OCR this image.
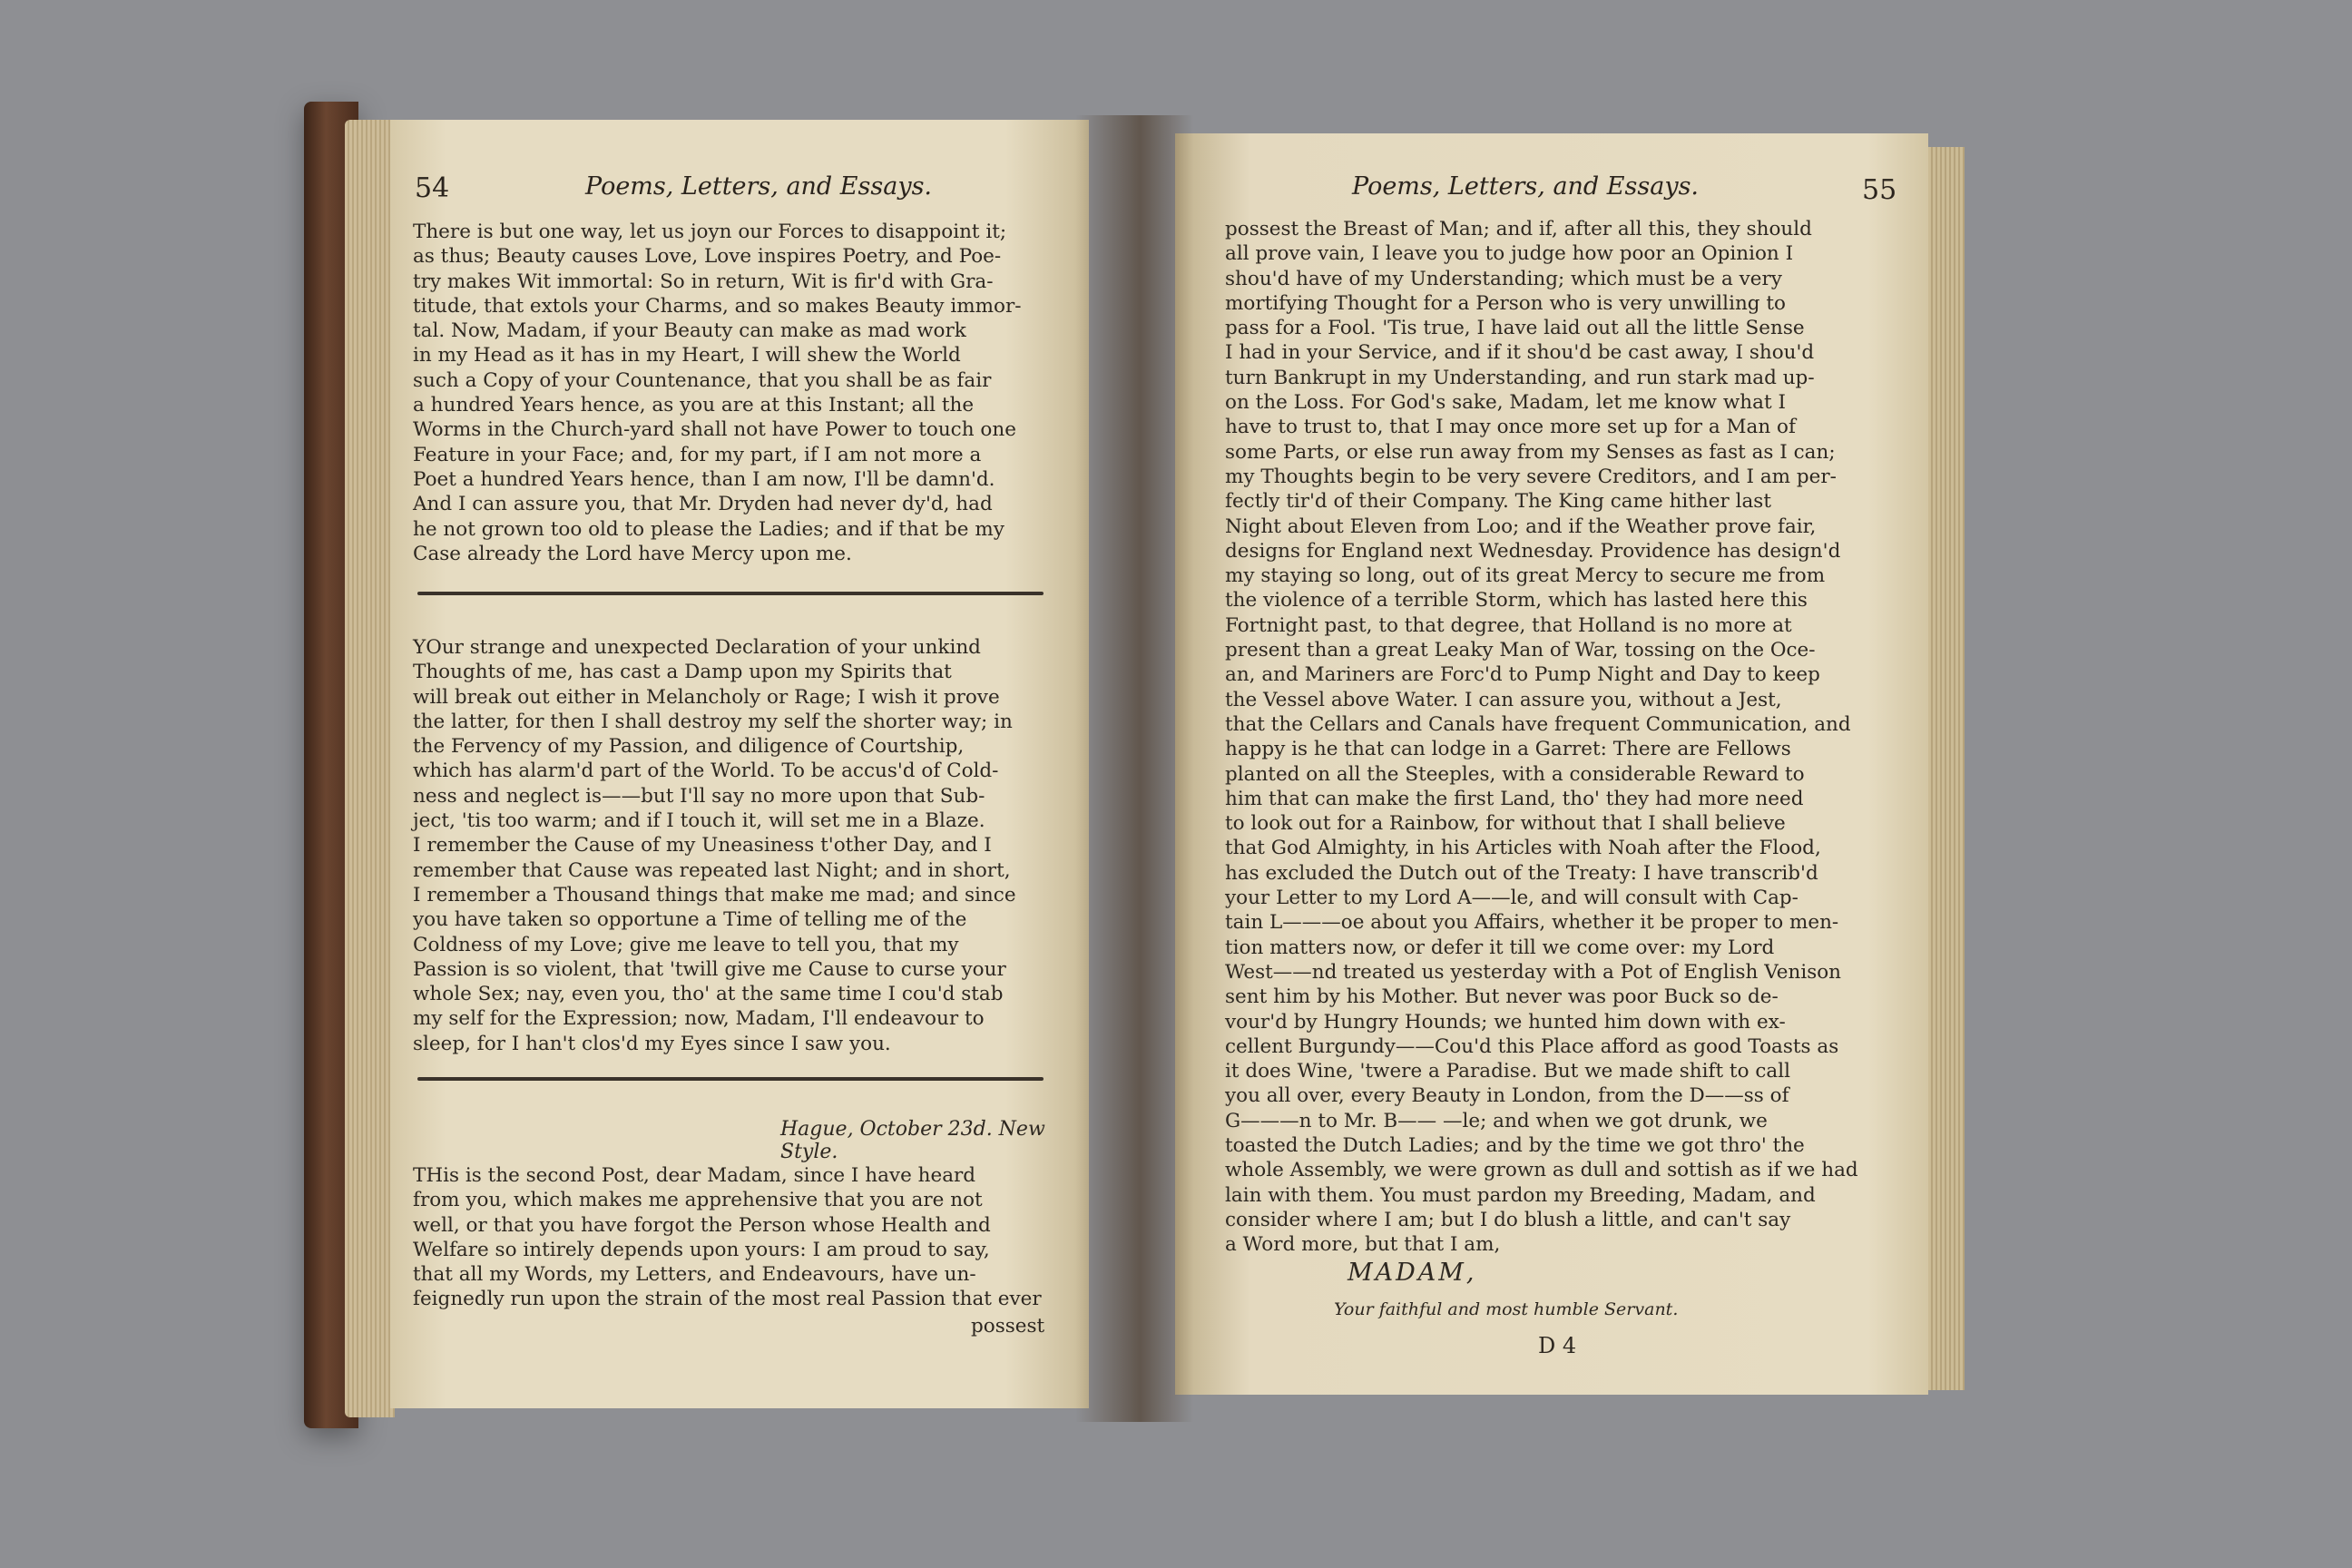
54	Poems, Letters, and Essays.
There is but one way, let us joyn our Forces to disappoint it;
as thus; Beauty causes Love, Love inspires Poetry, and Poe-
try makes Wit immortal: So in return, Wit is fir'd with Gra-
titude, that extols your Charms, and so makes Beauty immor-
tal. Now, Madam, if your Beauty can make as mad work
in my Head as it has in my Heart, I will shew the World
such a Copy of your Countenance, that you shall be as fair
a hundred Years hence, as you are at this Instant; all the
Worms in the Church-yard shall not have Power to touch one
Feature in your Face; and, for my part, if I am not more a
Poet a hundred Years hence, than I am now, I'll be damn'd.
And I can assure you, that Mr. Dryden had never dy'd, had
he not grown too old to please the Ladies; and if that be my
Case already the Lord have Mercy upon me.
YOur strange and unexpected Declaration of your unkind
Thoughts of me, has cast a Damp upon my Spirits that
will break out either in Melancholy or Rage; I wish it prove
the latter, for then I shall destroy my self the shorter way; in
the Fervency of my Passion, and diligence of Courtship,
which has alarm'd part of the World. To be accus'd of Cold-
ness and neglect is——but I'll say no more upon that Sub-
ject, 'tis too warm; and if I touch it, will set me in a Blaze.
I remember the Cause of my Uneasiness t'other Day, and I
remember that Cause was repeated last Night; and in short,
I remember a Thousand things that make me mad; and since
you have taken so opportune a Time of telling me of the
Coldness of my Love; give me leave to tell you, that my
Passion is so violent, that 'twill give me Cause to curse your
whole Sex; nay, even you, tho' at the same time I cou'd stab
my self for the Expression; now, Madam, I'll endeavour to
sleep, for I han't clos'd my Eyes since I saw you.
Hague, October 23d. New Style.
THis is the second Post, dear Madam, since I have heard
from you, which makes me apprehensive that you are not
well, or that you have forgot the Person whose Health and
Welfare so intirely depends upon yours: I am proud to say,
that all my Words, my Letters, and Endeavours, have un-
feignedly run upon the strain of the most real Passion that ever
possest
Poems, Letters, and Essays.	55
possest the Breast of Man; and if, after all this, they should
all prove vain, I leave you to judge how poor an Opinion I
shou'd have of my Understanding; which must be a very
mortifying Thought for a Person who is very unwilling to
pass for a Fool. 'Tis true, I have laid out all the little Sense
I had in your Service, and if it shou'd be cast away, I shou'd
turn Bankrupt in my Understanding, and run stark mad up-
on the Loss. For God's sake, Madam, let me know what I
have to trust to, that I may once more set up for a Man of
some Parts, or else run away from my Senses as fast as I can;
my Thoughts begin to be very severe Creditors, and I am per-
fectly tir'd of their Company. The King came hither last
Night about Eleven from Loo; and if the Weather prove fair,
designs for England next Wednesday. Providence has design'd
my staying so long, out of its great Mercy to secure me from
the violence of a terrible Storm, which has lasted here this
Fortnight past, to that degree, that Holland is no more at
present than a great Leaky Man of War, tossing on the Oce-
an, and Mariners are Forc'd to Pump Night and Day to keep
the Vessel above Water. I can assure you, without a Jest,
that the Cellars and Canals have frequent Communication, and
happy is he that can lodge in a Garret: There are Fellows
planted on all the Steeples, with a considerable Reward to
him that can make the first Land, tho' they had more need
to look out for a Rainbow, for without that I shall believe
that God Almighty, in his Articles with Noah after the Flood,
has excluded the Dutch out of the Treaty: I have transcrib'd
your Letter to my Lord A——le, and will consult with Cap-
tain L———oe about you Affairs, whether it be proper to men-
tion matters now, or defer it till we come over: my Lord
West——nd treated us yesterday with a Pot of English Venison
sent him by his Mother. But never was poor Buck so de-
vour'd by Hungry Hounds; we hunted him down with ex-
cellent Burgundy——Cou'd this Place afford as good Toasts as
it does Wine, 'twere a Paradise. But we made shift to call
you all over, every Beauty in London, from the D——ss of
G———n to Mr. B—— —le; and when we got drunk, we
toasted the Dutch Ladies; and by the time we got thro' the
whole Assembly, we were grown as dull and sottish as if we had
lain with them. You must pardon my Breeding, Madam, and
consider where I am; but I do blush a little, and can't say
a Word more, but that I am,
MADAM,
Your faithful and most humble Servant.
D 4
